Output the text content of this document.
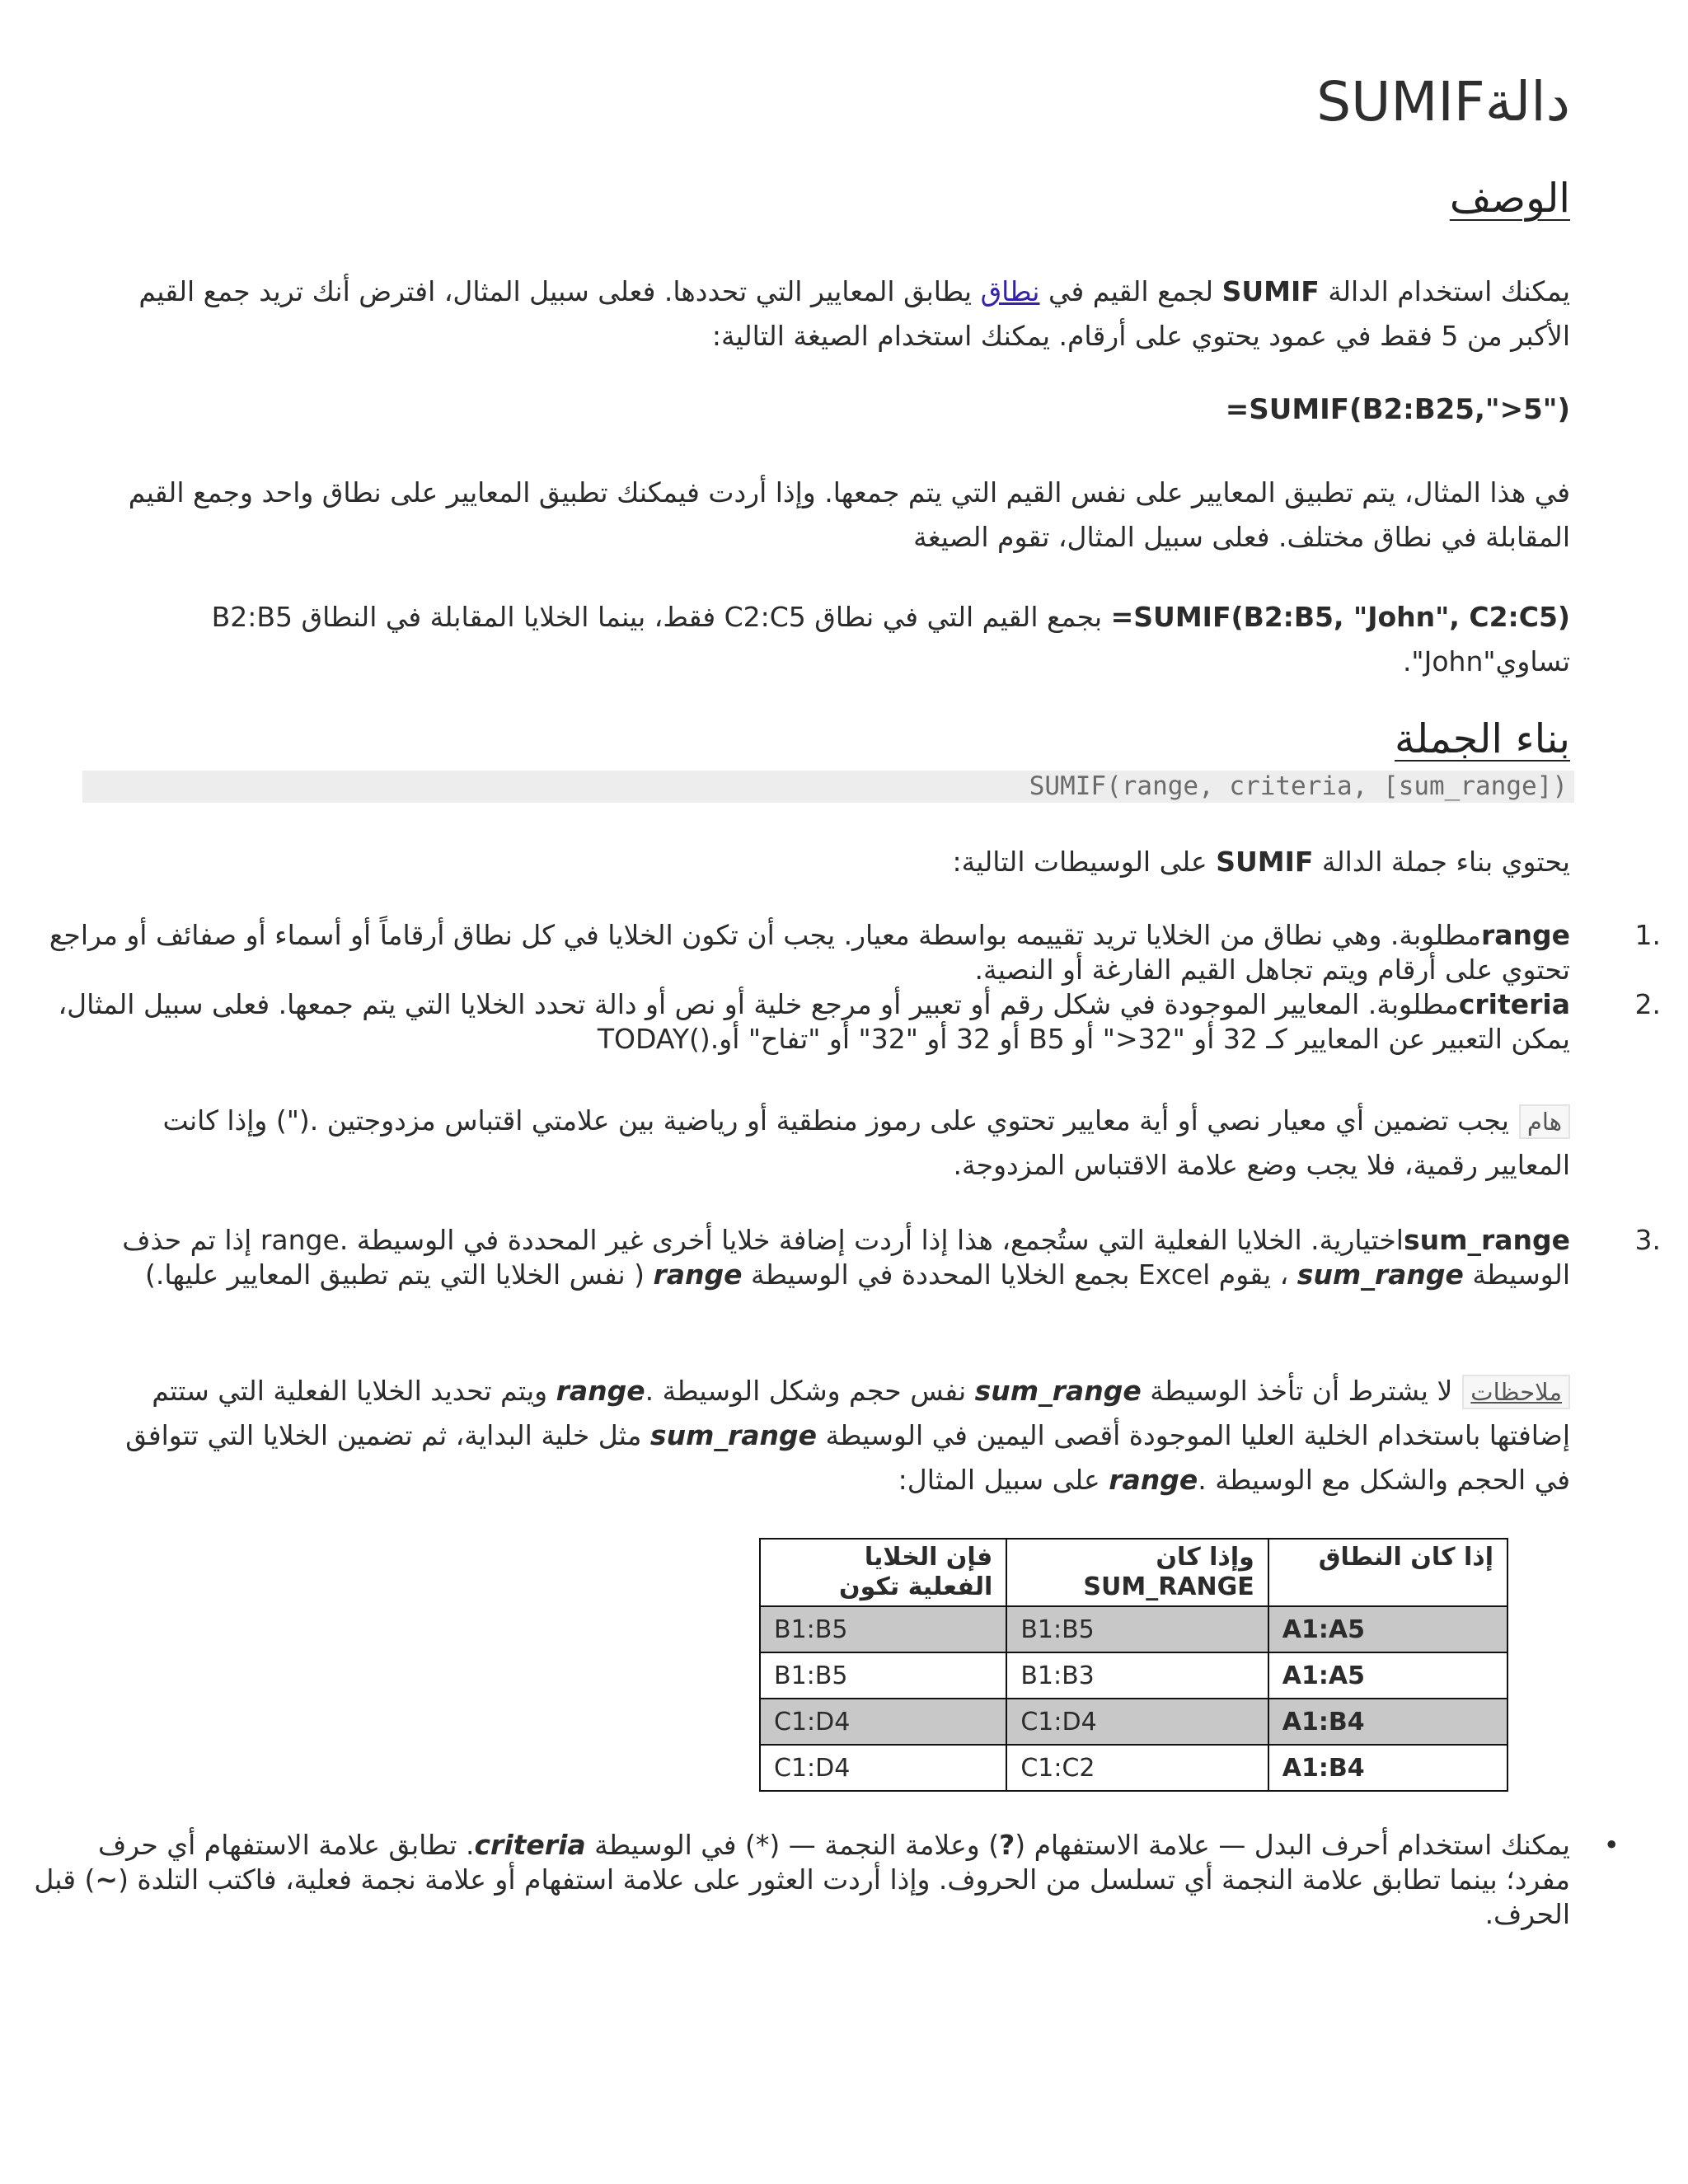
دالةSUMIF
الوصف

يمكنك استخدام الدالة SUMIF لجمع القيم في نطاق يطابق المعايير التي تحددها. فعلى سبيل المثال، افترض أنك تريد جمع القيم الأكبر من 5 فقط في عمود يحتوي على أرقام. يمكنك استخدام الصيغة التالية:

=SUMIF(B2:B25,">5")

في هذا المثال، يتم تطبيق المعايير على نفس القيم التي يتم جمعها. وإذا أردت فيمكنك تطبيق المعايير على نطاق واحد وجمع القيم المقابلة في نطاق مختلف. فعلى سبيل المثال، تقوم الصيغة

=SUMIF(B2:B5, "John", C2:C5) بجمع القيم التي في نطاق C2:C5 فقط، بينما الخلايا المقابلة في النطاق B2:B5 تساوي"John".

بناء الجملة
SUMIF(range, criteria, [sum_range])

يحتوي بناء جملة الدالة SUMIF على الوسيطات التالية:

1.
rangeمطلوبة. وهي نطاق من الخلايا تريد تقييمه بواسطة معيار. يجب أن تكون الخلايا في كل نطاق أرقاماً أو أسماء أو صفائف أو مراجع تحتوي على أرقام ويتم تجاهل القيم الفارغة أو النصية.
2.
criteriaمطلوبة. المعايير الموجودة في شكل رقم أو تعبير أو مرجع خلية أو نص أو دالة تحدد الخلايا التي يتم جمعها. فعلى سبيل المثال، يمكن التعبير عن المعايير كـ 32 أو "32<" أو B5 أو 32 أو "32" أو "تفاح" أو.()TODAY

هاميجب تضمين أي معيار نصي أو أية معايير تحتوي على رموز منطقية أو رياضية بين علامتي اقتباس مزدوجتين .(") وإذا كانت المعايير رقمية، فلا يجب وضع علامة الاقتباس المزدوجة.

3.
sum_rangeاختيارية. الخلايا الفعلية التي ستُجمع، هذا إذا أردت إضافة خلايا أخرى غير المحددة في الوسيطة .range إذا تم حذف الوسيطة sum_range ، يقوم Excel بجمع الخلايا المحددة في الوسيطة range ( نفس الخلايا التي يتم تطبيق المعايير عليها.)

ملاحظاتلا يشترط أن تأخذ الوسيطة sum_range نفس حجم وشكل الوسيطة .range ويتم تحديد الخلايا الفعلية التي ستتم إضافتها باستخدام الخلية العليا الموجودة أقصى اليمين في الوسيطة sum_range مثل خلية البداية، ثم تضمين الخلايا التي تتوافق في الحجم والشكل مع الوسيطة .range على سبيل المثال:

إذا كان النطاق	وإذا كان SUM_RANGE	فإن الخلايا الفعلية تكون
A1:A5	B1:B5	B1:B5
A1:A5	B1:B3	B1:B5
A1:B4	C1:D4	C1:D4
A1:B4	C1:C2	C1:D4

•
يمكنك استخدام أحرف البدل — علامة الاستفهام (?) وعلامة النجمة — (*) في الوسيطة criteria. تطابق علامة الاستفهام أي حرف مفرد؛ بينما تطابق علامة النجمة أي تسلسل من الحروف. وإذا أردت العثور على علامة استفهام أو علامة نجمة فعلية، فاكتب التلدة (~) قبل الحرف.
